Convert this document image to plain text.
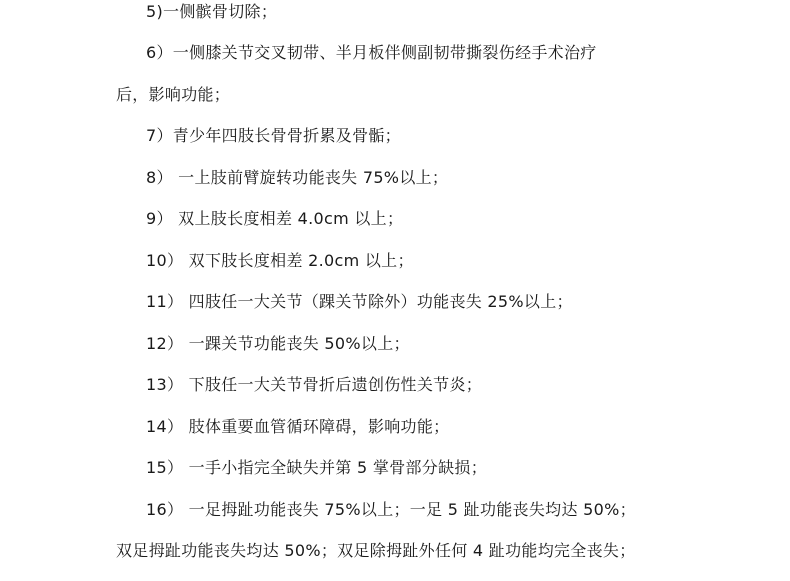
5)一侧髌骨切除；
6）一侧膝关节交叉韧带、半月板伴侧副韧带撕裂伤经手术治疗
后，影响功能；
7）青少年四肢长骨骨折累及骨骺；
8） 一上肢前臂旋转功能丧失 75%以上；
9） 双上肢长度相差 4.0cm 以上；
10） 双下肢长度相差 2.0cm 以上；
11） 四肢任一大关节（踝关节除外）功能丧失 25%以上；
12） 一踝关节功能丧失 50%以上；
13） 下肢任一大关节骨折后遗创伤性关节炎；
14） 肢体重要血管循环障碍，影响功能；
15） 一手小指完全缺失并第 5 掌骨部分缺损；
16） 一足拇趾功能丧失 75%以上；一足 5 趾功能丧失均达 50%；
双足拇趾功能丧失均达 50%；双足除拇趾外任何 4 趾功能均完全丧失；
